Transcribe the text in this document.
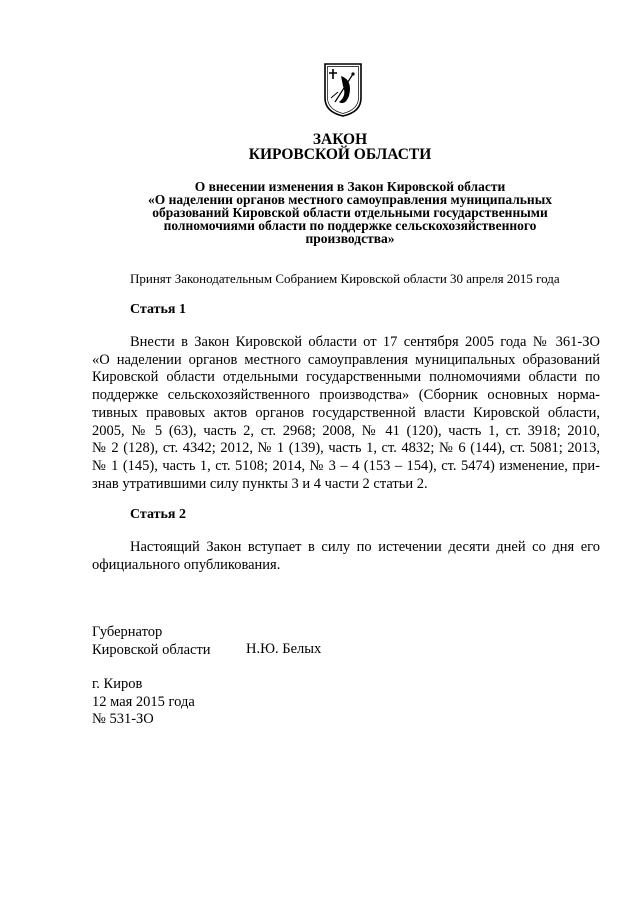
ЗАКОН
КИРОВСКОЙ ОБЛАСТИ
О внесении изменения в Закон Кировской области
«О наделении органов местного самоуправления муниципальных
образований Кировской области отдельными государственными
полномочиями области по поддержке сельскохозяйственного
производства»
Принят Законодательным Собранием Кировской области 30 апреля 2015 года
Статья 1
Внести в Закон Кировской области от 17 сентября 2005 года № 361-ЗО
«О наделении органов местного самоуправления муниципальных образований
Кировской области отдельными государственными полномочиями области по
поддержке сельскохозяйственного производства» (Сборник основных норма-
тивных правовых актов органов государственной власти Кировской области,
2005, № 5 (63), часть 2, ст. 2968; 2008, № 41 (120), часть 1, ст. 3918; 2010,
№ 2 (128), ст. 4342; 2012, № 1 (139), часть 1, ст. 4832; № 6 (144), ст. 5081; 2013,
№ 1 (145), часть 1, ст. 5108; 2014, № 3 – 4 (153 – 154), ст. 5474) изменение, при-
знав утратившими силу пункты 3 и 4 части 2 статьи 2.
Статья 2
Настоящий Закон вступает в силу по истечении десяти дней со дня его
официального опубликования.
Губернатор
Кировской области Н.Ю. Белых
г. Киров
12 мая 2015 года
№ 531-ЗО
